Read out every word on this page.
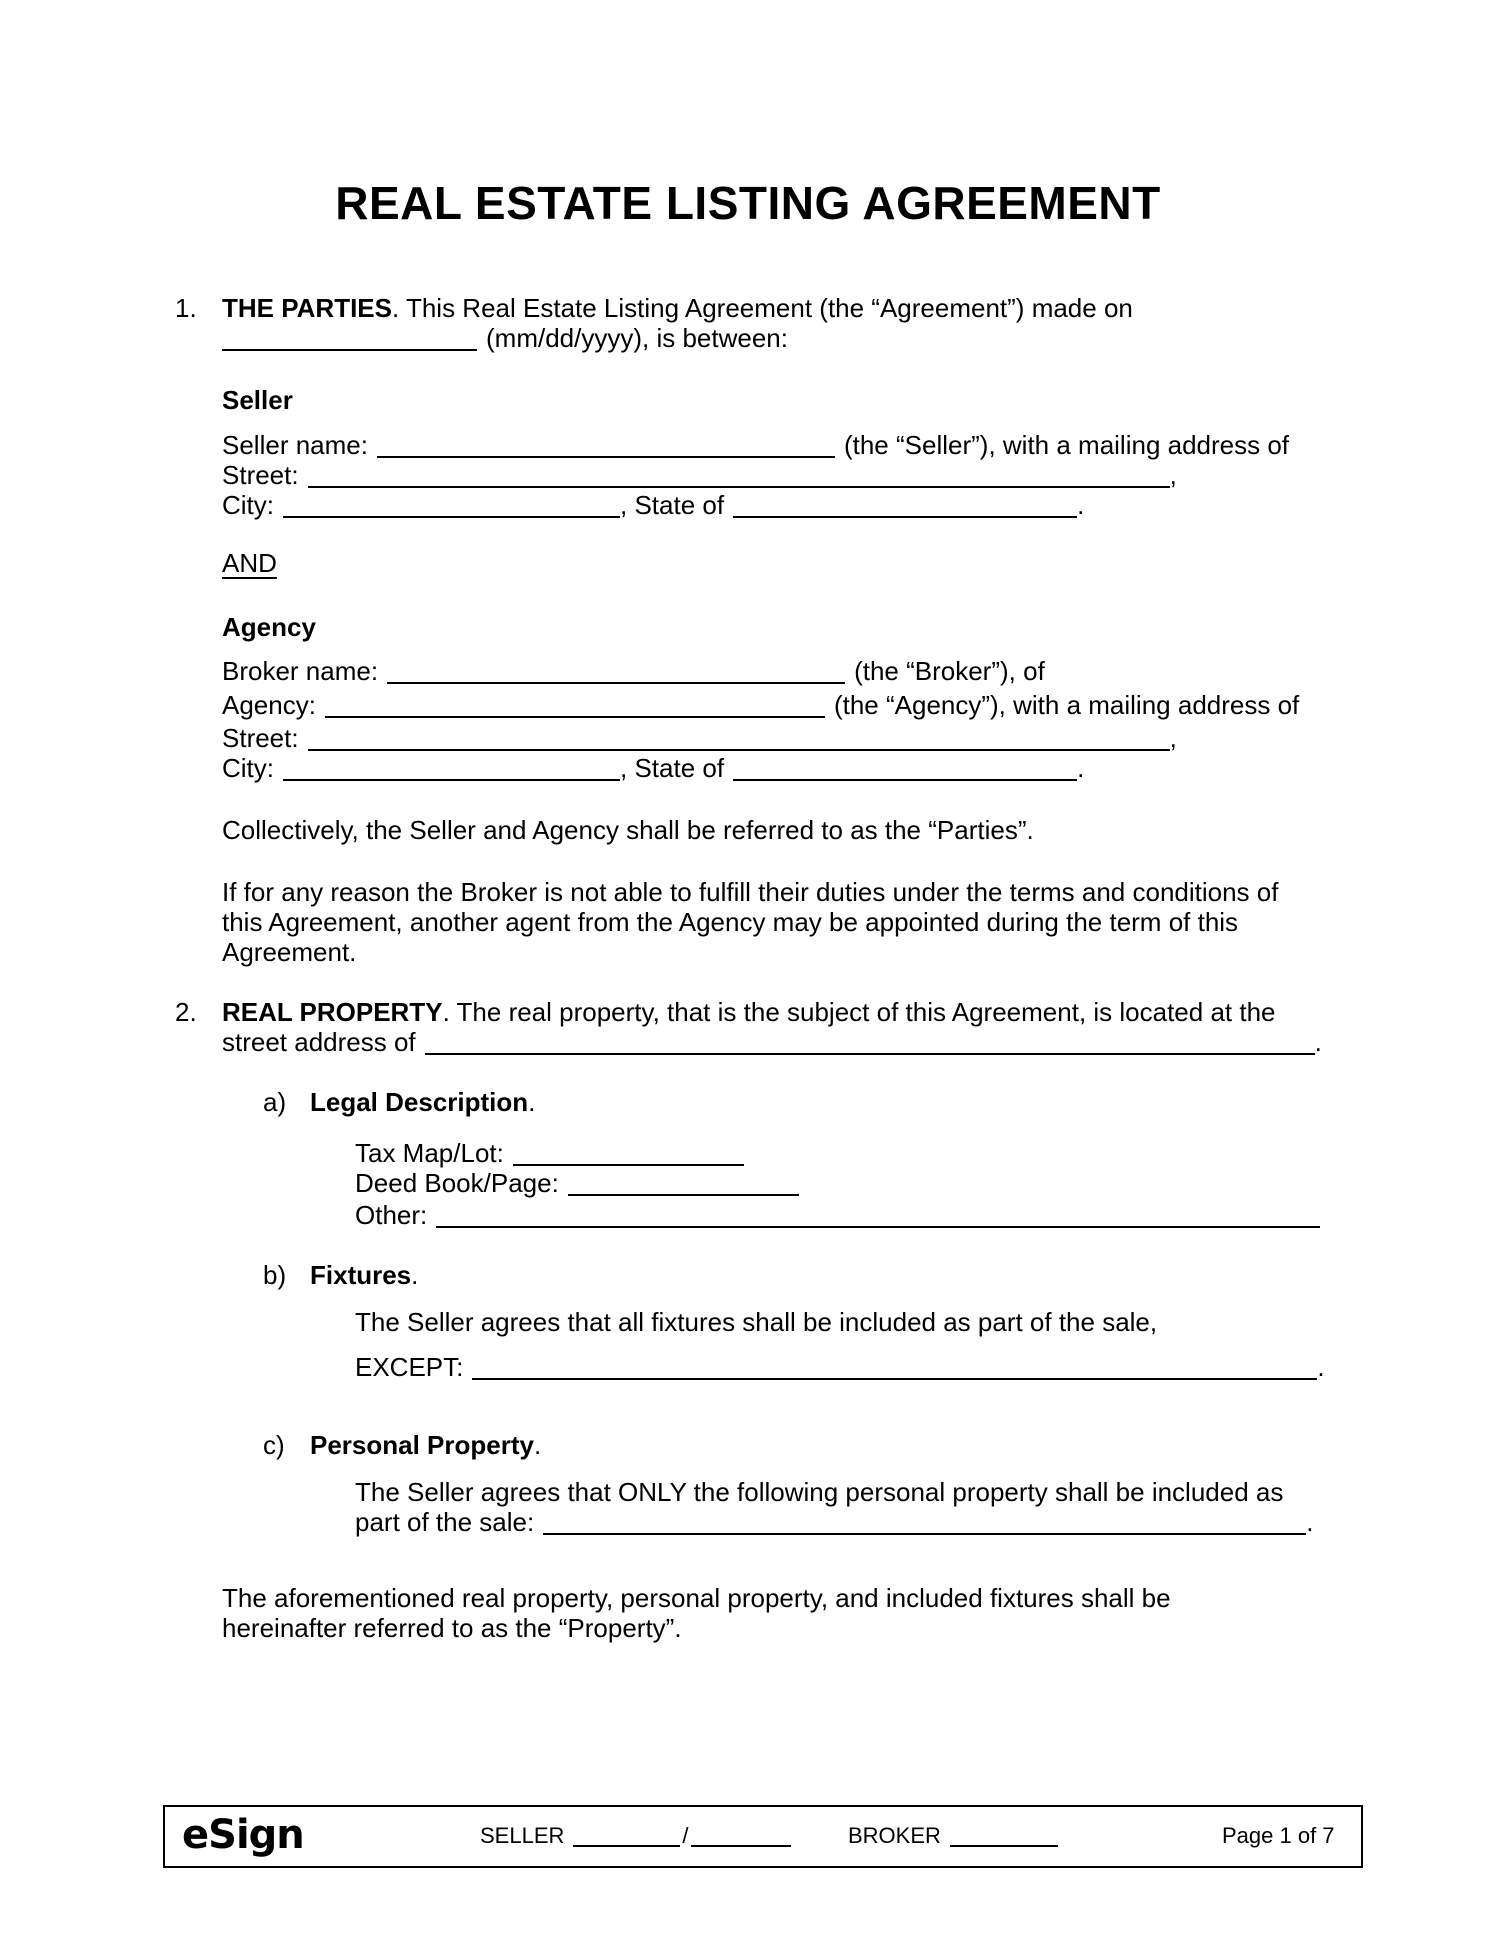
REAL ESTATE LISTING AGREEMENT
1. THE PARTIES. This Real Estate Listing Agreement (the “Agreement”) made on
(mm/dd/yyyy), is between:
Seller
Seller name:	(the “Seller”), with a mailing address of
Street:	,
City:	, State of	.
AND
Agency
Broker name:	(the “Broker”), of
Agency:	(the “Agency”), with a mailing address of
Street:	,
City:	, State of	.
Collectively, the Seller and Agency shall be referred to as the “Parties”.
If for any reason the Broker is not able to fulfill their duties under the terms and conditions of
this Agreement, another agent from the Agency may be appointed during the term of this
Agreement.
2. REAL PROPERTY. The real property, that is the subject of this Agreement, is located at the
street address of	.
a) Legal Description.
Tax Map/Lot:
Deed Book/Page:
Other:
b) Fixtures.
The Seller agrees that all fixtures shall be included as part of the sale,
EXCEPT:	.
c) Personal Property.
The Seller agrees that ONLY the following personal property shall be included as
part of the sale:	.
The aforementioned real property, personal property, and included fixtures shall be
hereinafter referred to as the “Property”.
eSign	SELLER	/	BROKER	Page 1 of 7
